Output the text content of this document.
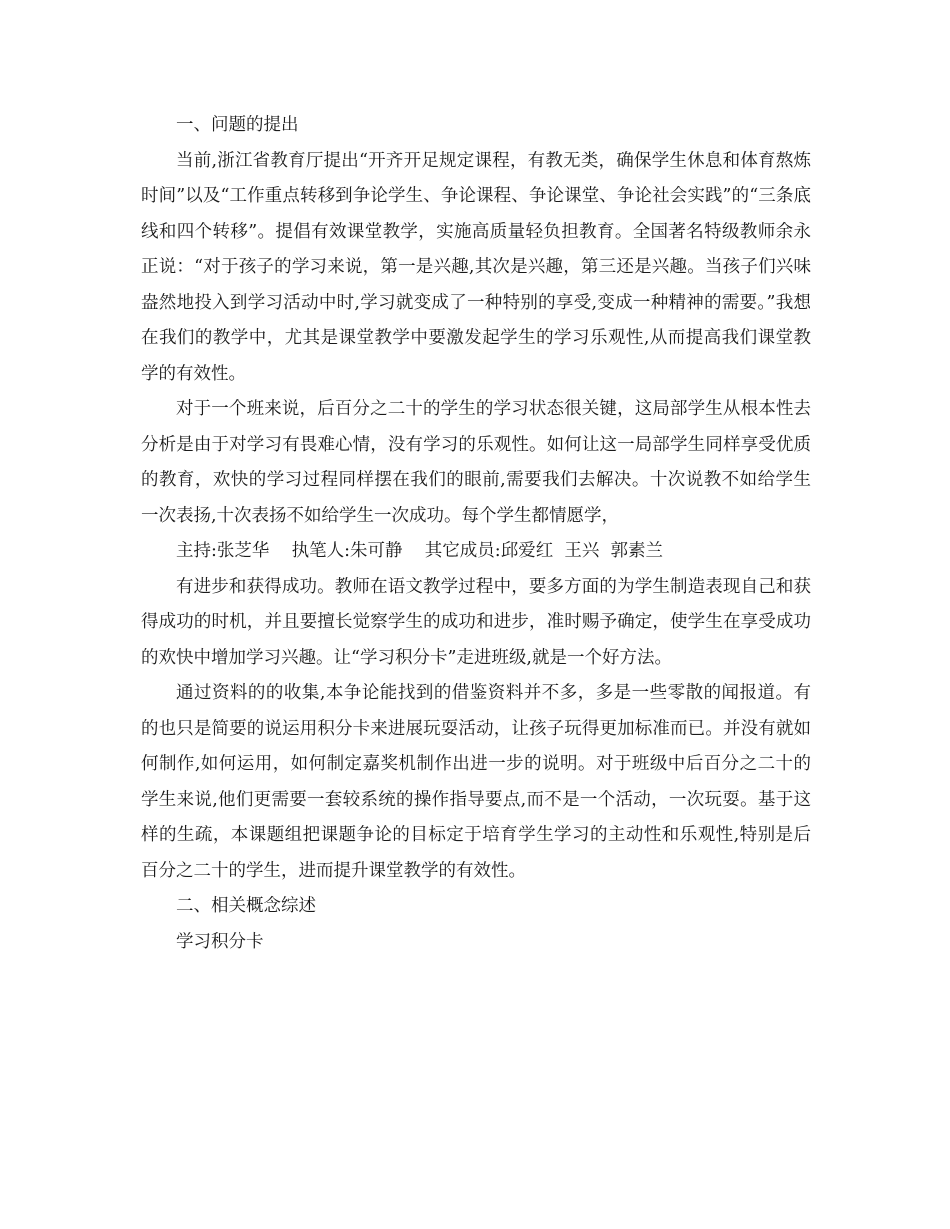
一、问题的提出

当前,浙江省教育厅提出“开齐开足规定课程，有教无类，确保学生休息和体育熬炼时间”以及“工作重点转移到争论学生、争论课程、争论课堂、争论社会实践”的“三条底线和四个转移”。提倡有效课堂教学，实施高质量轻负担教育。全国著名特级教师余永正说：“对于孩子的学习来说，第一是兴趣,其次是兴趣，第三还是兴趣。当孩子们兴味盎然地投入到学习活动中时,学习就变成了一种特别的享受,变成一种精神的需要。”我想在我们的教学中，尤其是课堂教学中要激发起学生的学习乐观性,从而提高我们课堂教学的有效性。

对于一个班来说，后百分之二十的学生的学习状态很关键，这局部学生从根本性去分析是由于对学习有畏难心情，没有学习的乐观性。如何让这一局部学生同样享受优质的教育，欢快的学习过程同样摆在我们的眼前,需要我们去解决。十次说教不如给学生一次表扬,十次表扬不如给学生一次成功。每个学生都情愿学，

主持:张芝华    执笔人:朱可静    其它成员:邱爱红  王兴  郭素兰

有进步和获得成功。教师在语文教学过程中，要多方面的为学生制造表现自己和获得成功的时机，并且要擅长觉察学生的成功和进步，准时赐予确定，使学生在享受成功的欢快中增加学习兴趣。让“学习积分卡”走进班级,就是一个好方法。

通过资料的的收集,本争论能找到的借鉴资料并不多，多是一些零散的闻报道。有的也只是简要的说运用积分卡来进展玩耍活动，让孩子玩得更加标准而已。并没有就如何制作,如何运用，如何制定嘉奖机制作出进一步的说明。对于班级中后百分之二十的学生来说,他们更需要一套较系统的操作指导要点,而不是一个活动，一次玩耍。基于这样的生疏，本课题组把课题争论的目标定于培育学生学习的主动性和乐观性,特别是后百分之二十的学生，进而提升课堂教学的有效性。

二、相关概念综述

学习积分卡
